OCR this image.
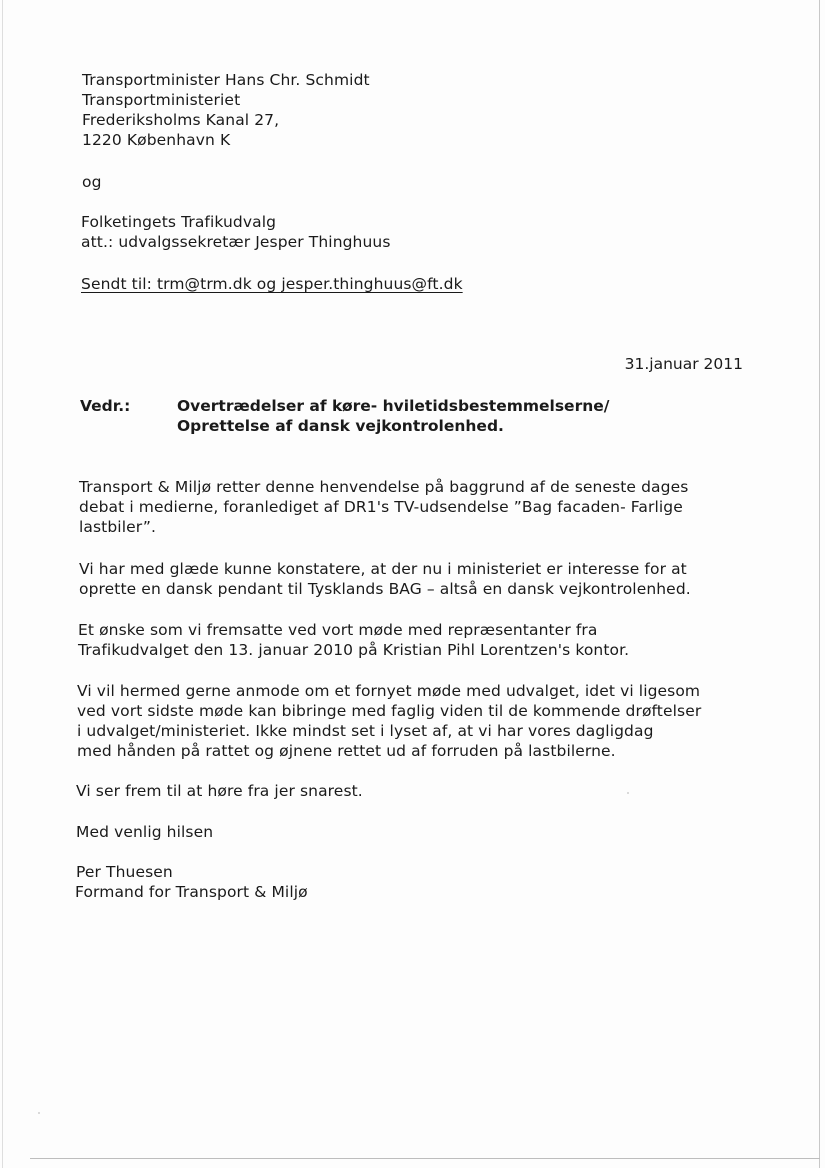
Transportminister Hans Chr. Schmidt
Transportministeriet
Frederiksholms Kanal 27,
1220 København K
og
Folketingets Trafikudvalg
att.: udvalgssekretær Jesper Thinghuus
Sendt til: trm@trm.dk og jesper.thinghuus@ft.dk
31.januar 2011
Vedr.:	Overtrædelser af køre- hviletidsbestemmelserne/
Oprettelse af dansk vejkontrolenhed.
Transport & Miljø retter denne henvendelse på baggrund af de seneste dages
debat i medierne, foranlediget af DR1's TV-udsendelse ”Bag facaden- Farlige
lastbiler”.
Vi har med glæde kunne konstatere, at der nu i ministeriet er interesse for at
oprette en dansk pendant til Tysklands BAG – altså en dansk vejkontrolenhed.
Et ønske som vi fremsatte ved vort møde med repræsentanter fra
Trafikudvalget den 13. januar 2010 på Kristian Pihl Lorentzen's kontor.
Vi vil hermed gerne anmode om et fornyet møde med udvalget, idet vi ligesom
ved vort sidste møde kan bibringe med faglig viden til de kommende drøftelser
i udvalget/ministeriet. Ikke mindst set i lyset af, at vi har vores dagligdag
med hånden på rattet og øjnene rettet ud af forruden på lastbilerne.
Vi ser frem til at høre fra jer snarest.
Med venlig hilsen
Per Thuesen
Formand for Transport & Miljø
